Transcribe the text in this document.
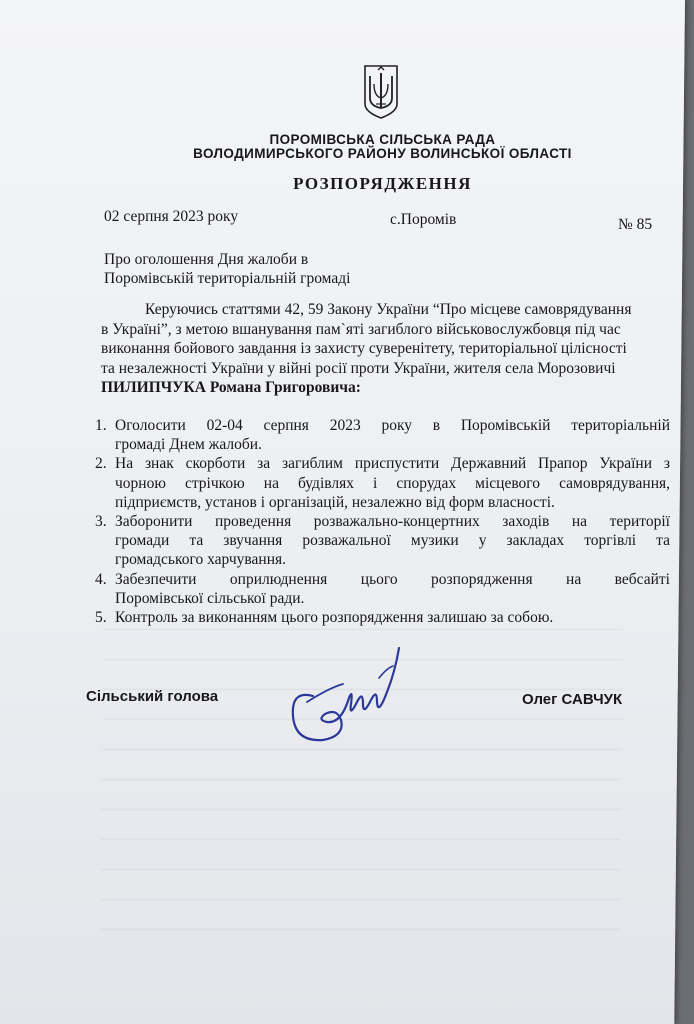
ПОРОМІВСЬКА СІЛЬСЬКА РАДА
ВОЛОДИМИРСЬКОГО РАЙОНУ ВОЛИНСЬКОЇ ОБЛАСТІ
РОЗПОРЯДЖЕННЯ
02 серпня 2023 року	с.Поромів	№ 85
Про оголошення Дня жалоби в
Поромівській територіальній громаді
Керуючись статтями 42, 59 Закону України “Про місцеве самоврядування
в Україні”, з метою вшанування пам`яті загиблого військовослужбовця під час
виконання бойового завдання із захисту суверенітету, територіальної цілісності
та незалежності України у війні росії проти України, жителя села Морозовичі
ПИЛИПЧУКА Романа Григоровича:
1. Оголосити 02-04 серпня 2023 року в Поромівській територіальній
громаді Днем жалоби.
2. На знак скорботи за загиблим приспустити Державний Прапор України з
чорною стрічкою на будівлях і спорудах місцевого самоврядування,
підприємств, установ і організацій, незалежно від форм власності.
3. Заборонити проведення розважально-концертних заходів на території
громади та звучання розважальної музики у закладах торгівлі та
громадського харчування.
4. Забезпечити оприлюднення цього розпорядження на вебсайті
Поромівської сільської ради.
5. Контроль за виконанням цього розпорядження залишаю за собою.
Сільський голова	Олег САВЧУК
